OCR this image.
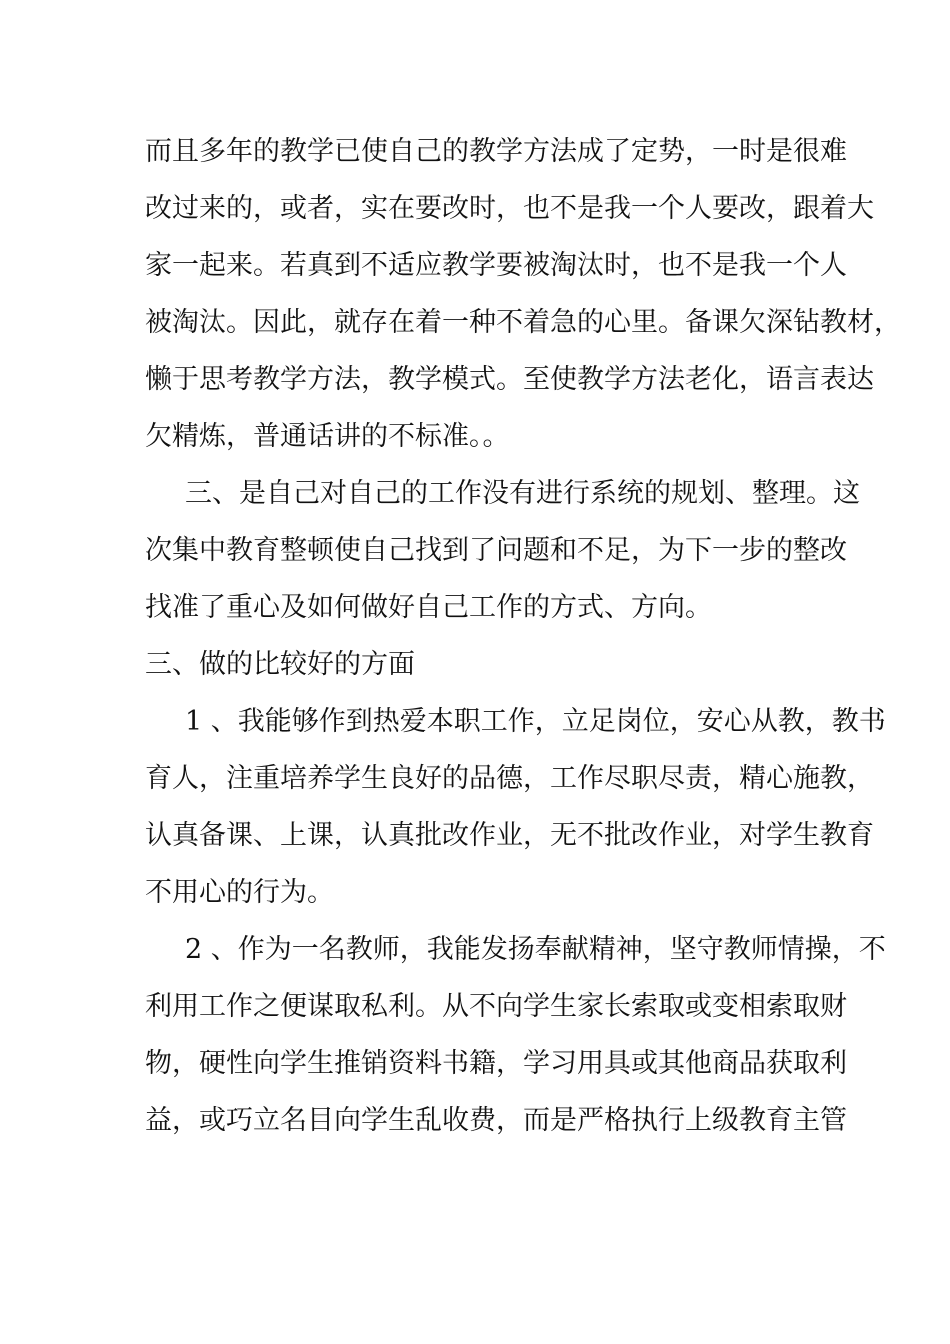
而且多年的教学已使自己的教学方法成了定势，一时是很难
改过来的，或者，实在要改时，也不是我一个人要改，跟着大
家一起来。若真到不适应教学要被淘汰时，也不是我一个人
被淘汰。因此，就存在着一种不着急的心里。备课欠深钻教材，
懒于思考教学方法，教学模式。至使教学方法老化，语言表达
欠精炼，普通话讲的不标准。。
三、是自己对自己的工作没有进行系统的规划、整理。这
次集中教育整顿使自己找到了问题和不足，为下一步的整改
找准了重心及如何做好自己工作的方式、方向。
三、做的比较好的方面
1 、我能够作到热爱本职工作，立足岗位，安心从教，教书
育人，注重培养学生良好的品德，工作尽职尽责，精心施教，
认真备课、上课，认真批改作业，无不批改作业，对学生教育
不用心的行为。
2 、作为一名教师，我能发扬奉献精神，坚守教师情操，不
利用工作之便谋取私利。从不向学生家长索取或变相索取财
物，硬性向学生推销资料书籍，学习用具或其他商品获取利
益，或巧立名目向学生乱收费，而是严格执行上级教育主管
